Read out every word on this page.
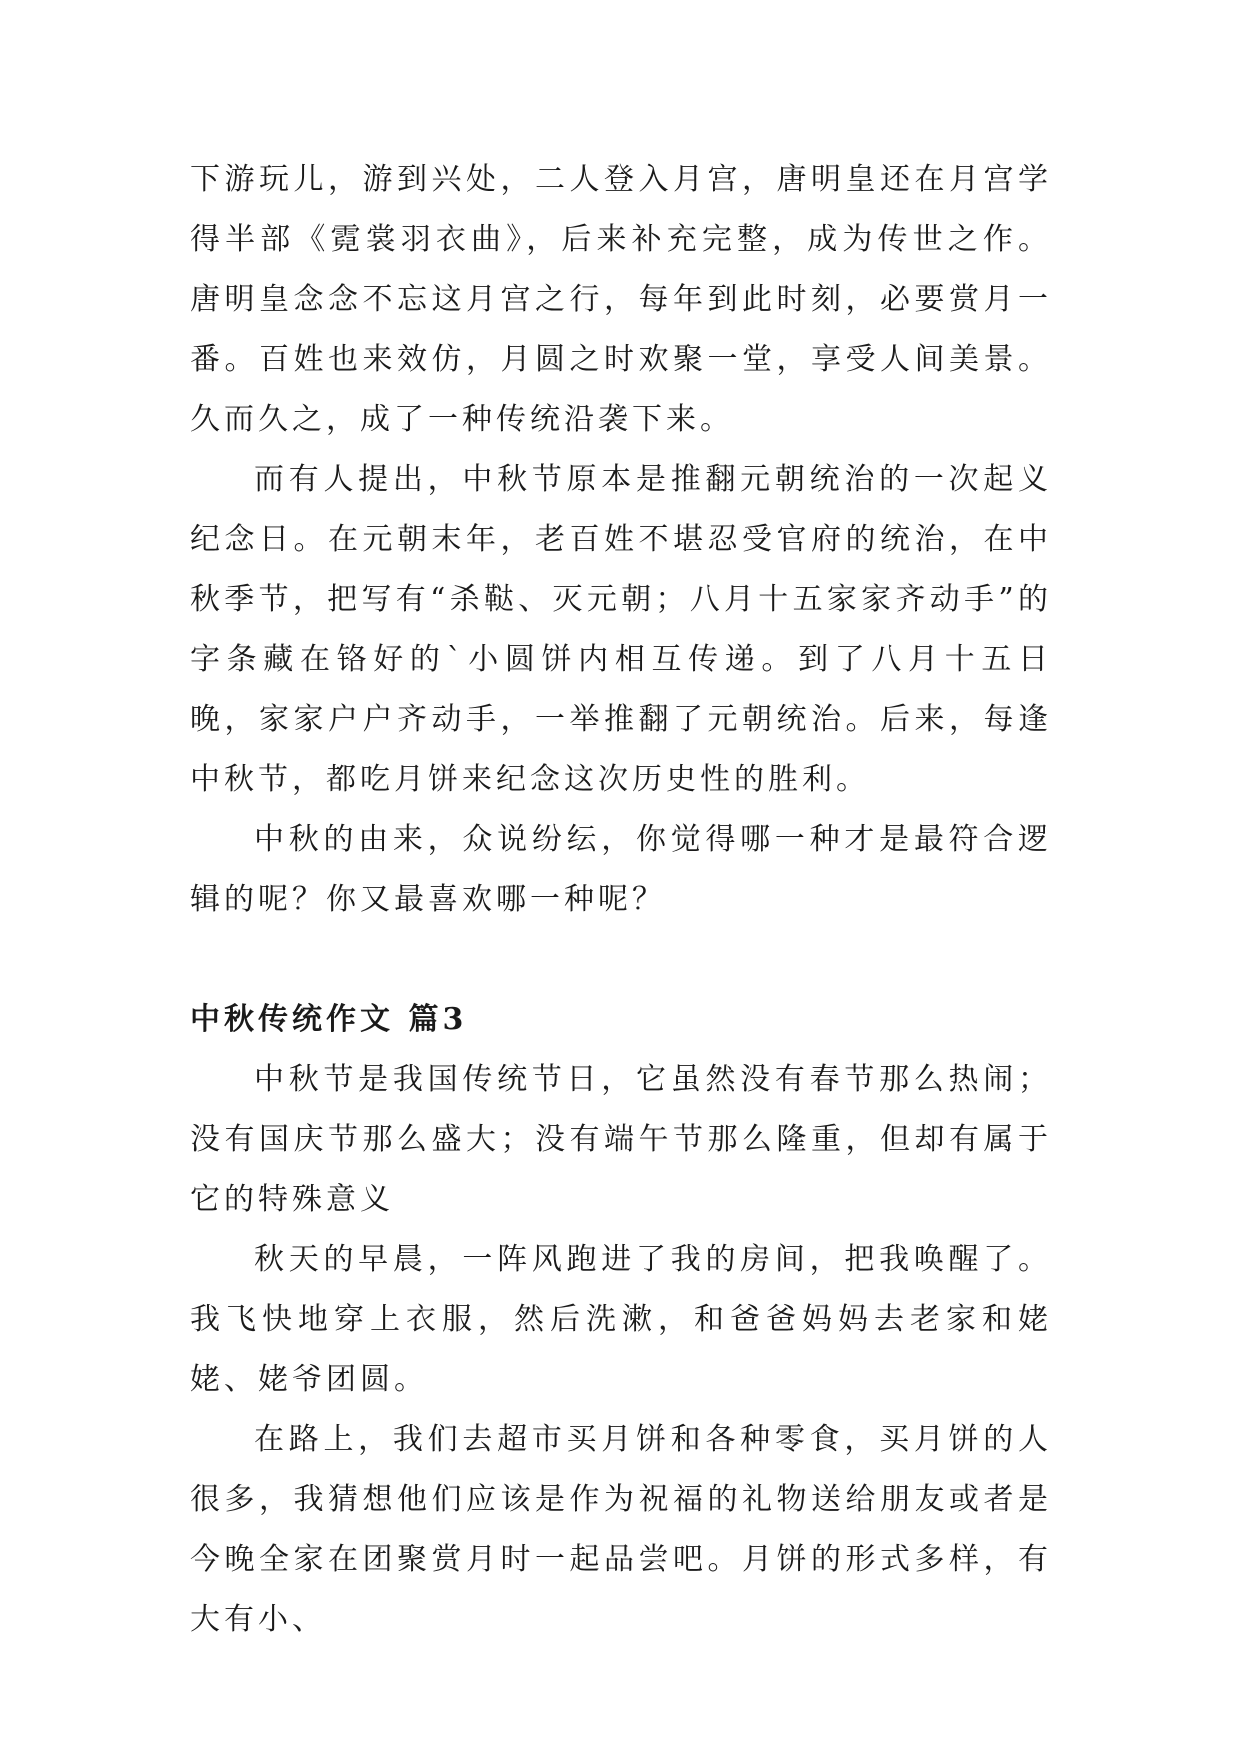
下游玩儿，游到兴处，二人登入月宫，唐明皇还在月宫学得半部《霓裳羽衣曲》，后来补充完整，成为传世之作。唐明皇念念不忘这月宫之行，每年到此时刻，必要赏月一番。百姓也来效仿，月圆之时欢聚一堂，享受人间美景。久而久之，成了一种传统沿袭下来。

而有人提出，中秋节原本是推翻元朝统治的一次起义纪念日。在元朝末年，老百姓不堪忍受官府的统治，在中秋季节，把写有“杀鞑、灭元朝；八月十五家家齐动手”的字条藏在铬好的`小圆饼内相互传递。到了八月十五日晚，家家户户齐动手，一举推翻了元朝统治。后来，每逢中秋节，都吃月饼来纪念这次历史性的胜利。

中秋的由来，众说纷纭，你觉得哪一种才是最符合逻辑的呢？你又最喜欢哪一种呢？

中秋传统作文 篇3

中秋节是我国传统节日，它虽然没有春节那么热闹；没有国庆节那么盛大；没有端午节那么隆重，但却有属于它的特殊意义

秋天的早晨，一阵风跑进了我的房间，把我唤醒了。我飞快地穿上衣服，然后洗漱，和爸爸妈妈去老家和姥姥、姥爷团圆。

在路上，我们去超市买月饼和各种零食，买月饼的人很多，我猜想他们应该是作为祝福的礼物送给朋友或者是今晚全家在团聚赏月时一起品尝吧。月饼的形式多样，有大有小、
